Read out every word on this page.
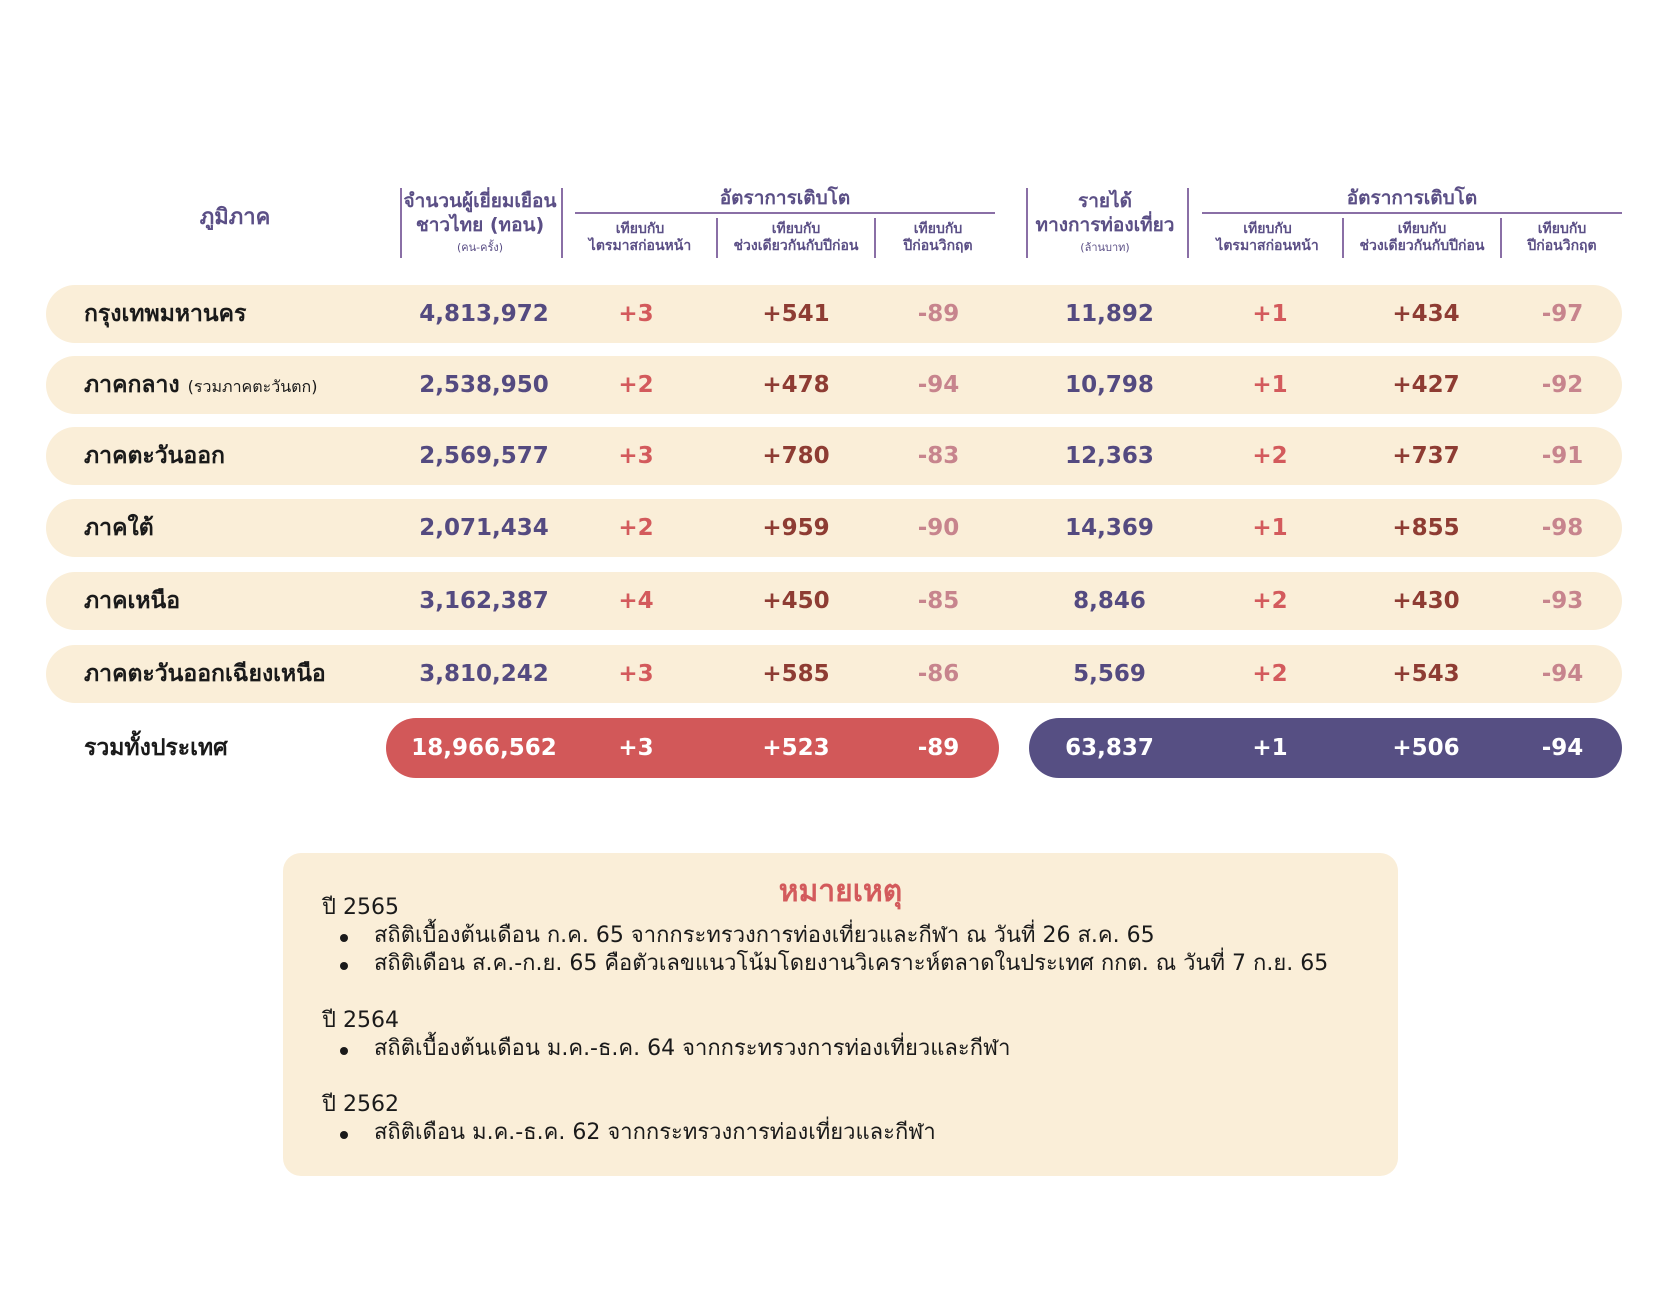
ภูมิภาค
จำนวนผู้เยี่ยมเยือน
ชาวไทย (ทอน)
(คน-ครั้ง)
อัตราการเติบโต
เทียบกับ
ไตรมาสก่อนหน้า
เทียบกับ
ช่วงเดียวกันกับปีก่อน
เทียบกับ
ปีก่อนวิกฤต
รายได้
ทางการท่องเที่ยว
(ล้านบาท)
อัตราการเติบโต
เทียบกับ
ไตรมาสก่อนหน้า
เทียบกับ
ช่วงเดียวกันกับปีก่อน
เทียบกับ
ปีก่อนวิกฤต
กรุงเทพมหานคร	4,813,972	+3	+541	-89	11,892	+1	+434	-97
ภาคกลาง (รวมภาคตะวันตก)	2,538,950	+2	+478	-94	10,798	+1	+427	-92
ภาคตะวันออก	2,569,577	+3	+780	-83	12,363	+2	+737	-91
ภาคใต้	2,071,434	+2	+959	-90	14,369	+1	+855	-98
ภาคเหนือ	3,162,387	+4	+450	-85	8,846	+2	+430	-93
ภาคตะวันออกเฉียงเหนือ	3,810,242	+3	+585	-86	5,569	+2	+543	-94
รวมทั้งประเทศ	18,966,562	+3	+523	-89	63,837	+1	+506	-94
หมายเหตุ
ปี 2565
สถิติเบื้องต้นเดือน ก.ค. 65 จากกระทรวงการท่องเที่ยวและกีฬา ณ วันที่ 26 ส.ค. 65
สถิติเดือน ส.ค.-ก.ย. 65 คือตัวเลขแนวโน้มโดยงานวิเคราะห์ตลาดในประเทศ กกต. ณ วันที่ 7 ก.ย. 65
ปี 2564
สถิติเบื้องต้นเดือน ม.ค.-ธ.ค. 64 จากกระทรวงการท่องเที่ยวและกีฬา
ปี 2562
สถิติเดือน ม.ค.-ธ.ค. 62 จากกระทรวงการท่องเที่ยวและกีฬา
